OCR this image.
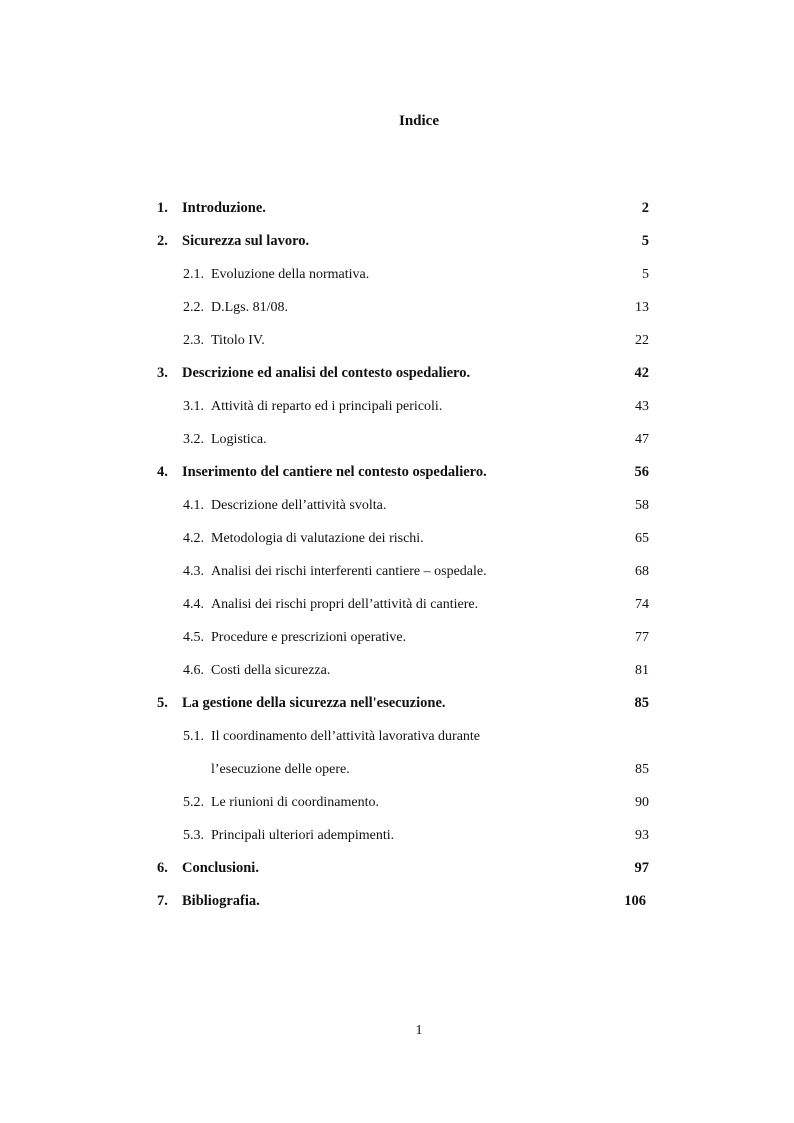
Indice
1. Introduzione.	2
2. Sicurezza sul lavoro.	5
2.1. Evoluzione della normativa.	5
2.2. D.Lgs. 81/08.	13
2.3. Titolo IV.	22
3. Descrizione ed analisi del contesto ospedaliero.	42
3.1. Attività di reparto ed i principali pericoli.	43
3.2. Logistica.	47
4. Inserimento del cantiere nel contesto ospedaliero.	56
4.1. Descrizione dell’attività svolta.	58
4.2. Metodologia di valutazione dei rischi.	65
4.3. Analisi dei rischi interferenti cantiere – ospedale.	68
4.4. Analisi dei rischi propri dell’attività di cantiere.	74
4.5. Procedure e prescrizioni operative.	77
4.6. Costi della sicurezza.	81
5. La gestione della sicurezza nell'esecuzione.	85
5.1. Il coordinamento dell’attività lavorativa durante
l’esecuzione delle opere.	85
5.2. Le riunioni di coordinamento.	90
5.3. Principali ulteriori adempimenti.	93
6. Conclusioni.	97
7. Bibliografia.	106
1
